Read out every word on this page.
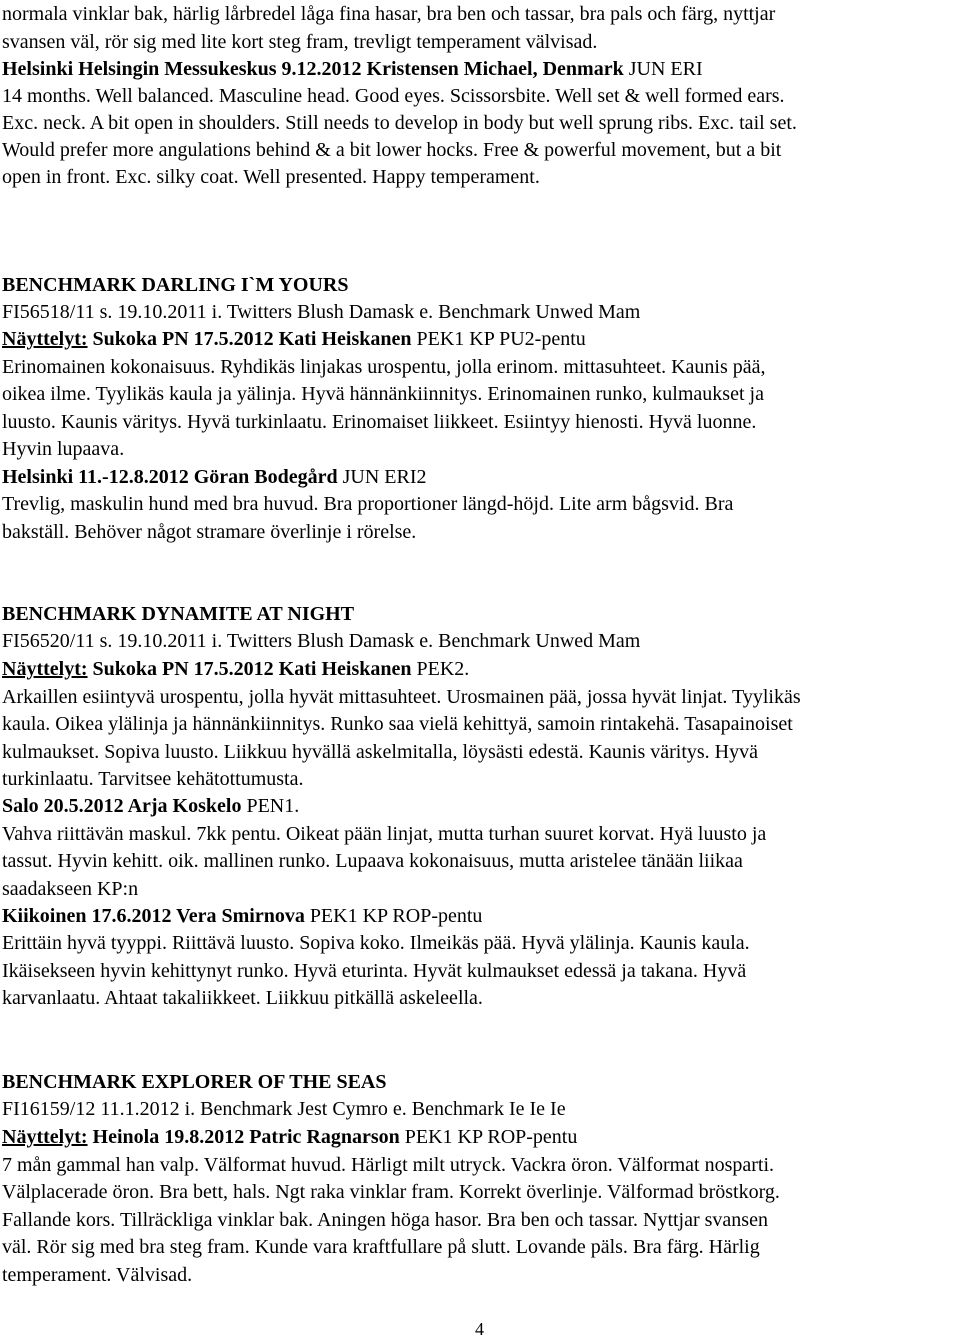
normala vinklar bak, härlig lårbredel låga fina hasar, bra ben och tassar, bra pals och färg, nyttjar
svansen väl, rör sig med lite kort steg fram, trevligt temperament välvisad.
Helsinki Helsingin Messukeskus 9.12.2012 Kristensen Michael, Denmark JUN ERI
14 months. Well balanced. Masculine head. Good eyes. Scissorsbite. Well set & well formed ears.
Exc. neck. A bit open in shoulders. Still needs to develop in body but well sprung ribs. Exc. tail set.
Would prefer more angulations behind & a bit lower hocks. Free & powerful movement, but a bit
open in front. Exc. silky coat. Well presented. Happy temperament.
BENCHMARK DARLING I`M YOURS
FI56518/11 s. 19.10.2011 i. Twitters Blush Damask e. Benchmark Unwed Mam
Näyttelyt: Sukoka PN 17.5.2012 Kati Heiskanen PEK1 KP PU2-pentu
Erinomainen kokonaisuus. Ryhdikäs linjakas urospentu, jolla erinom. mittasuhteet. Kaunis pää,
oikea ilme. Tyylikäs kaula ja yälinja. Hyvä hännänkiinnitys. Erinomainen runko, kulmaukset ja
luusto. Kaunis väritys. Hyvä turkinlaatu. Erinomaiset liikkeet. Esiintyy hienosti. Hyvä luonne.
Hyvin lupaava.
Helsinki 11.-12.8.2012 Göran Bodegård JUN ERI2
Trevlig, maskulin hund med bra huvud. Bra proportioner längd-höjd. Lite arm bågsvid. Bra
bakställ. Behöver något stramare överlinje i rörelse.
BENCHMARK DYNAMITE AT NIGHT
FI56520/11 s. 19.10.2011 i. Twitters Blush Damask e. Benchmark Unwed Mam
Näyttelyt: Sukoka PN 17.5.2012 Kati Heiskanen PEK2.
Arkaillen esiintyvä urospentu, jolla hyvät mittasuhteet. Urosmainen pää, jossa hyvät linjat. Tyylikäs
kaula. Oikea ylälinja ja hännänkiinnitys. Runko saa vielä kehittyä, samoin rintakehä. Tasapainoiset
kulmaukset. Sopiva luusto. Liikkuu hyvällä askelmitalla, löysästi edestä. Kaunis väritys. Hyvä
turkinlaatu. Tarvitsee kehätottumusta.
Salo 20.5.2012 Arja Koskelo PEN1.
Vahva riittävän maskul. 7kk pentu. Oikeat pään linjat, mutta turhan suuret korvat. Hyä luusto ja
tassut. Hyvin kehitt. oik. mallinen runko. Lupaava kokonaisuus, mutta aristelee tänään liikaa
saadakseen KP:n
Kiikoinen 17.6.2012 Vera Smirnova PEK1 KP ROP-pentu
Erittäin hyvä tyyppi. Riittävä luusto. Sopiva koko. Ilmeikäs pää. Hyvä ylälinja. Kaunis kaula.
Ikäisekseen hyvin kehittynyt runko. Hyvä eturinta. Hyvät kulmaukset edessä ja takana. Hyvä
karvanlaatu. Ahtaat takaliikkeet. Liikkuu pitkällä askeleella.
BENCHMARK EXPLORER OF THE SEAS
FI16159/12 11.1.2012 i. Benchmark Jest Cymro e. Benchmark Ie Ie Ie
Näyttelyt: Heinola 19.8.2012 Patric Ragnarson PEK1 KP ROP-pentu
7 mån gammal han valp. Välformat huvud. Härligt milt utryck. Vackra öron. Välformat nosparti.
Välplacerade öron. Bra bett, hals. Ngt raka vinklar fram. Korrekt överlinje. Välformad bröstkorg.
Fallande kors. Tillräckliga vinklar bak. Aningen höga hasor. Bra ben och tassar. Nyttjar svansen
väl. Rör sig med bra steg fram. Kunde vara kraftfullare på slutt. Lovande päls. Bra färg. Härlig
temperament. Välvisad.
4
